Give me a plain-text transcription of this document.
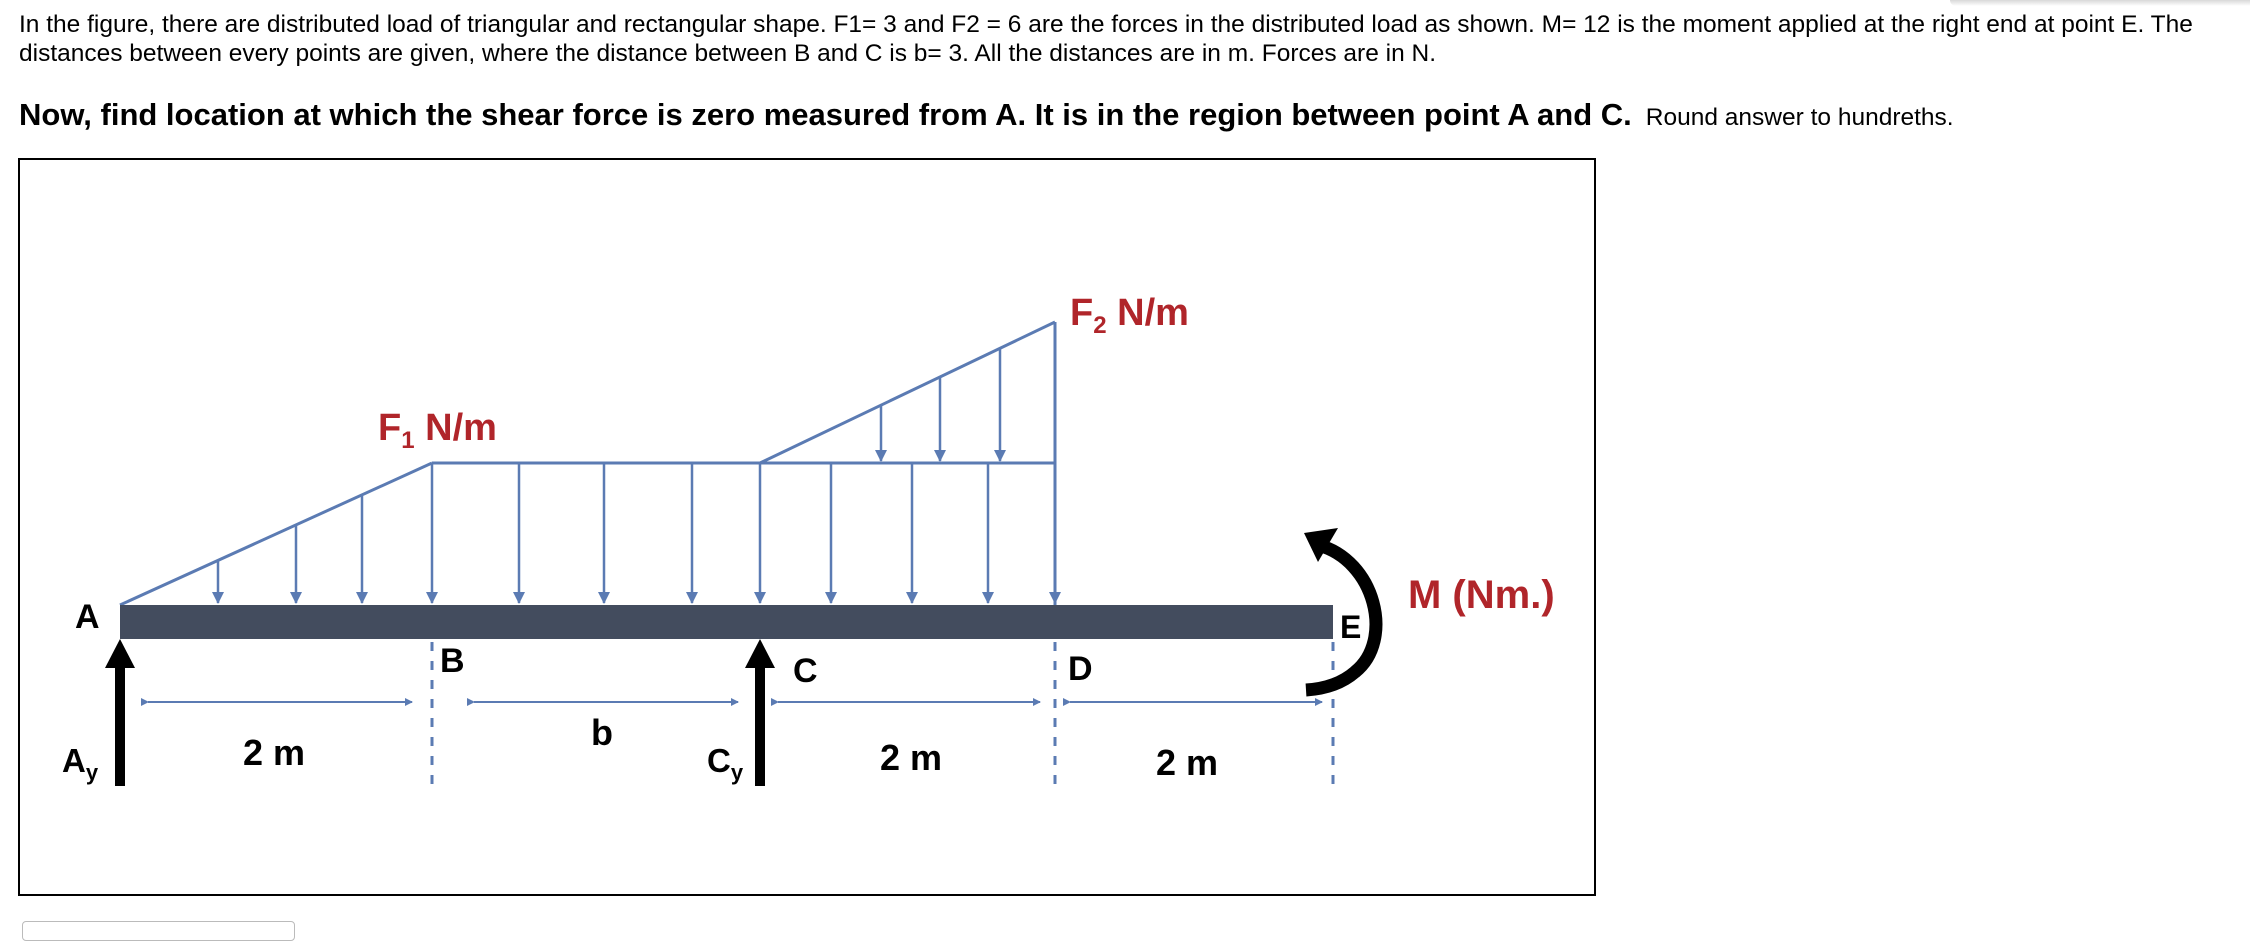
In the figure, there are distributed load of triangular and rectangular shape. F1= 3 and F2 = 6 are the forces in the distributed load as shown. M= 12 is the moment applied at the right end at point E. The distances between every points are given, where the distance between B and C is b= 3. All the distances are in m. Forces are in N.
Now, find location at which the shear force is zero measured from A. It is in the region between point A and C. Round answer to hundreths.
A
B	C	D
E
$A_y$	$C_y$
$F_1$ N/m
$F_2$ N/m
M (Nm.)
2 m	b
2 m	2 m
